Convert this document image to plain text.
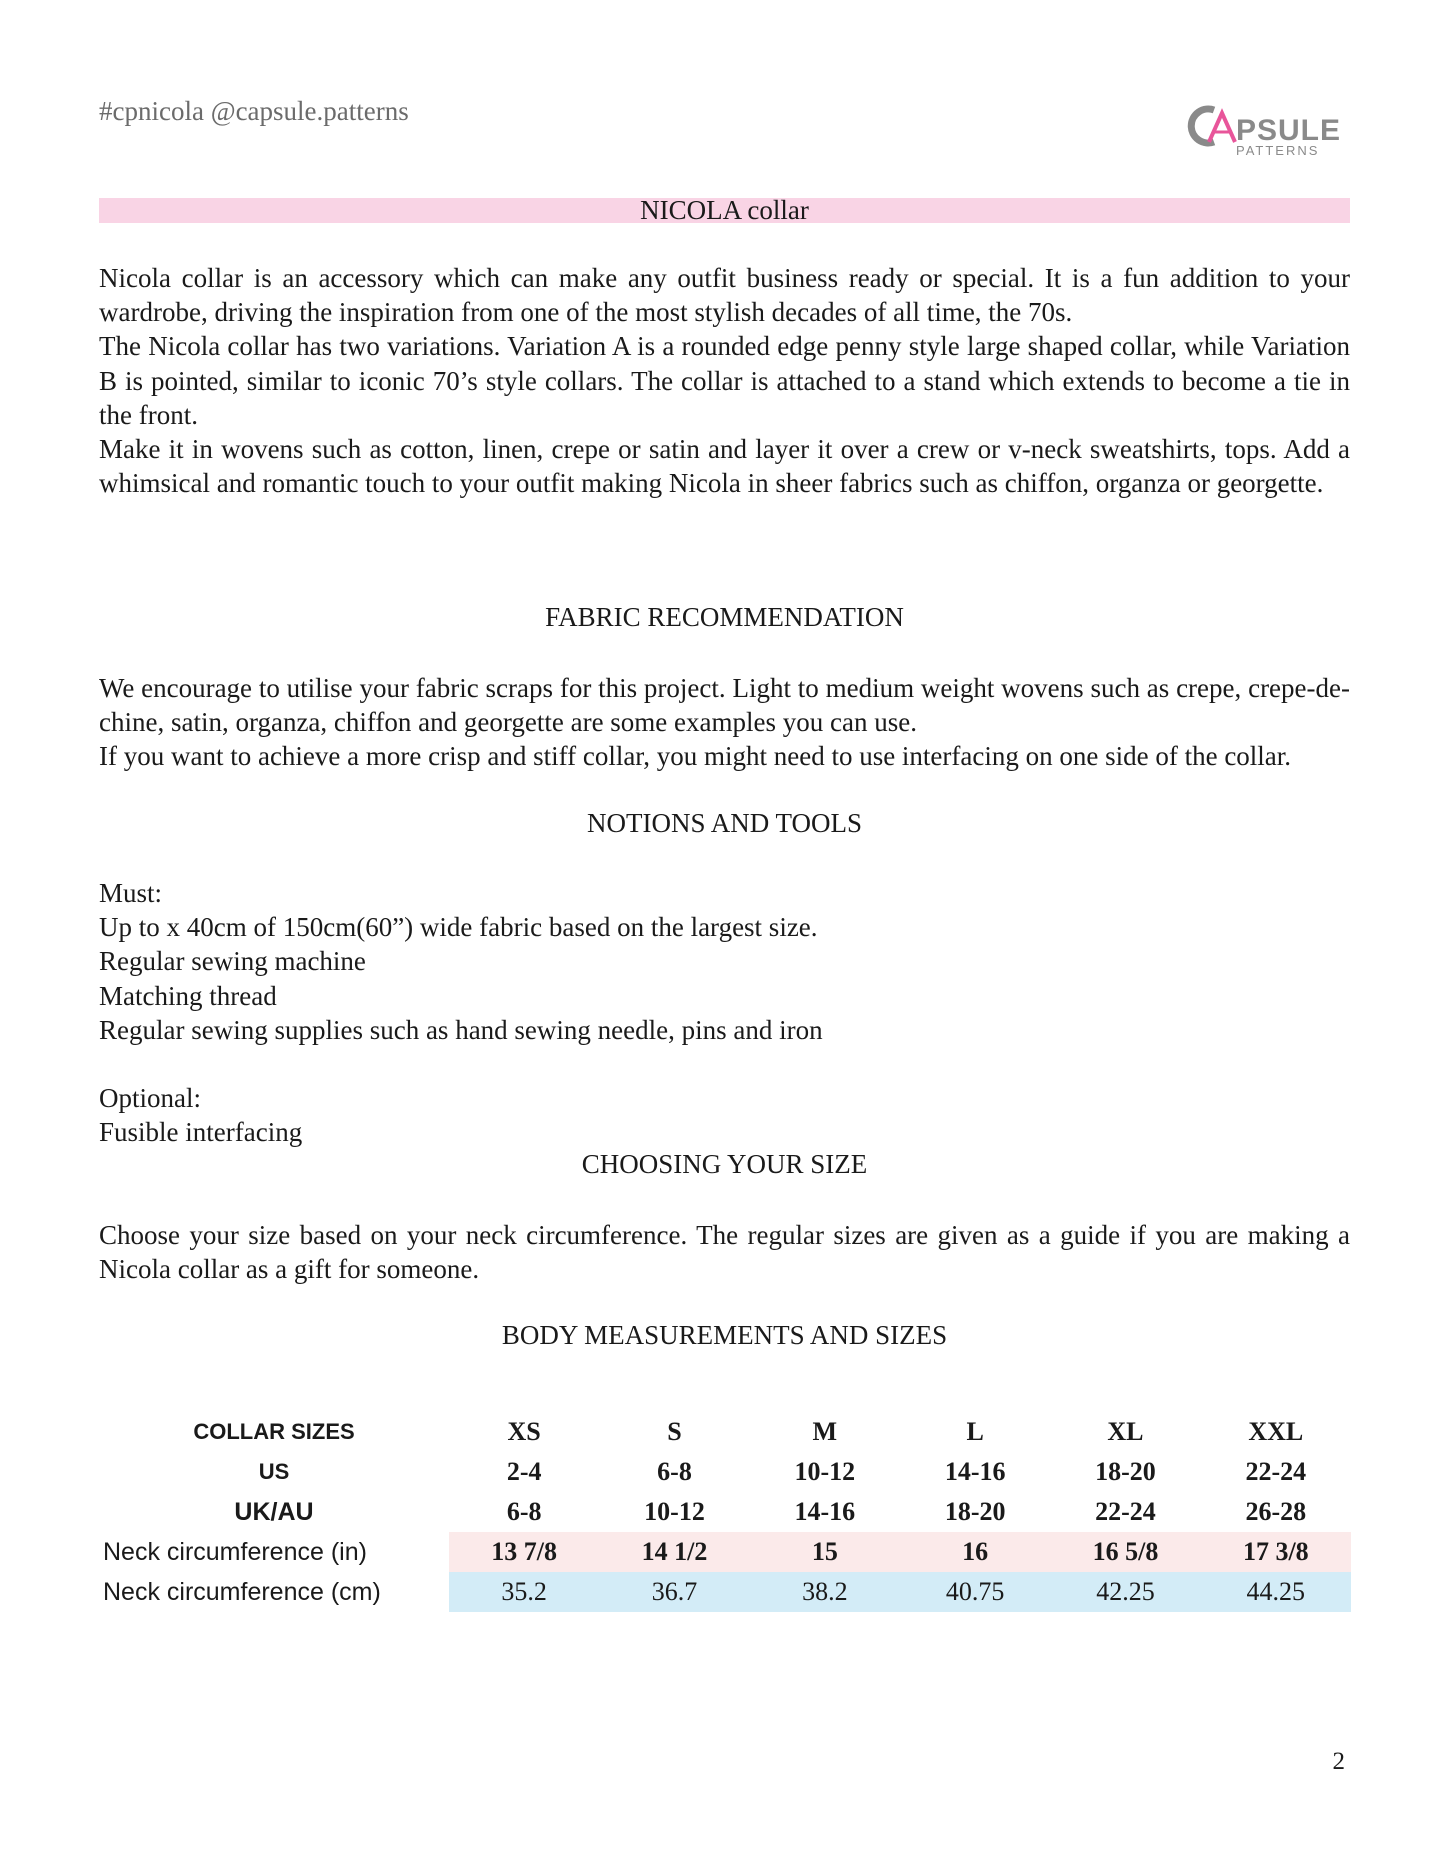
#cpnicola @capsule.patterns
PSULE
PATTERNS
NICOLA collar

Nicola collar is an accessory which can make any outfit business ready or special. It is a fun addition to your wardrobe, driving the inspiration from one of the most stylish decades of all time, the 70s.

The Nicola collar has two variations. Variation A is a rounded edge penny style large shaped collar, while Variation B is pointed, similar to iconic 70’s style collars. The collar is attached to a stand which extends to become a tie in the front.

Make it in wovens such as cotton, linen, crepe or satin and layer it over a crew or v-neck sweatshirts, tops. Add a whimsical and romantic touch to your outfit making Nicola in sheer fabrics such as chiffon, organza or georgette.

FABRIC RECOMMENDATION

We encourage to utilise your fabric scraps for this project. Light to medium weight wovens such as crepe, crepe-de-chine, satin, organza, chiffon and georgette are some examples you can use.

If you want to achieve a more crisp and stiff collar, you might need to use interfacing on one side of the collar.

NOTIONS AND TOOLS
Must:
Up to x 40cm of 150cm(60”) wide fabric based on the largest size.
Regular sewing machine
Matching thread
Regular sewing supplies such as hand sewing needle, pins and iron
Optional:
Fusible interfacing
CHOOSING YOUR SIZE

Choose your size based on your neck circumference. The regular sizes are given as a guide if you are making a Nicola collar as a gift for someone.

BODY MEASUREMENTS AND SIZES
COLLAR SIZES	XS	S	M	L	XL	XXL
US	2-4	6-8	10-12	14-16	18-20	22-24
UK/AU	6-8	10-12	14-16	18-20	22-24	26-28
Neck circumference (in)	13 7/8	14 1/2	15	16	16 5/8	17 3/8
Neck circumference (cm)	35.2	36.7	38.2	40.75	42.25	44.25
2
